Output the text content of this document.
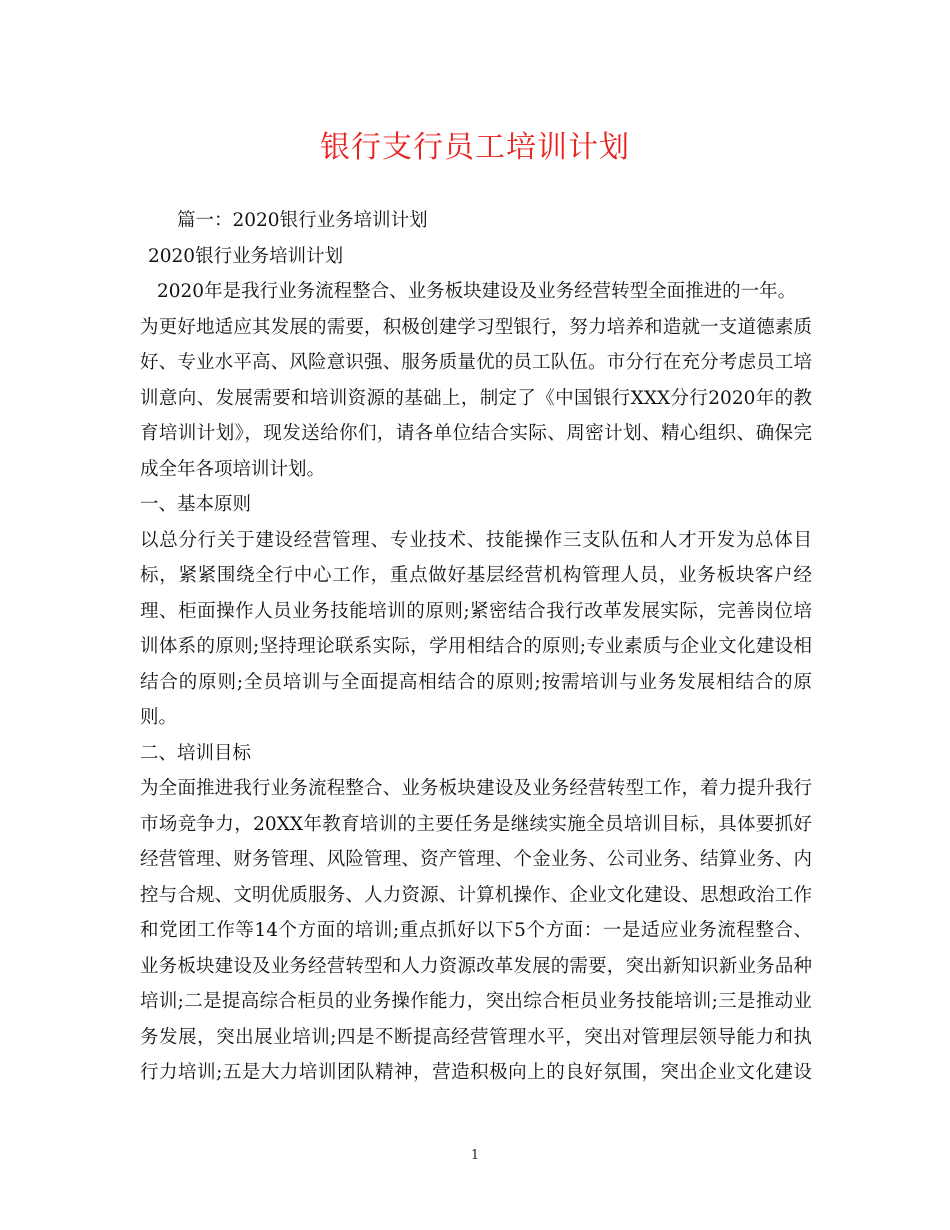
银行支行员工培训计划
篇一：2020银行业务培训计划
2020银行业务培训计划
2020年是我行业务流程整合、业务板块建设及业务经营转型全面推进的一年。
为更好地适应其发展的需要，积极创建学习型银行，努力培养和造就一支道德素质
好、专业水平高、风险意识强、服务质量优的员工队伍。市分行在充分考虑员工培
训意向、发展需要和培训资源的基础上，制定了《中国银行XXX分行2020年的教
育培训计划》，现发送给你们，请各单位结合实际、周密计划、精心组织、确保完
成全年各项培训计划。
一、基本原则
以总分行关于建设经营管理、专业技术、技能操作三支队伍和人才开发为总体目
标，紧紧围绕全行中心工作，重点做好基层经营机构管理人员，业务板块客户经
理、柜面操作人员业务技能培训的原则;紧密结合我行改革发展实际，完善岗位培
训体系的原则;坚持理论联系实际，学用相结合的原则;专业素质与企业文化建设相
结合的原则;全员培训与全面提高相结合的原则;按需培训与业务发展相结合的原
则。
二、培训目标
为全面推进我行业务流程整合、业务板块建设及业务经营转型工作，着力提升我行
市场竞争力，20XX年教育培训的主要任务是继续实施全员培训目标，具体要抓好
经营管理、财务管理、风险管理、资产管理、个金业务、公司业务、结算业务、内
控与合规、文明优质服务、人力资源、计算机操作、企业文化建设、思想政治工作
和党团工作等14个方面的培训;重点抓好以下5个方面：一是适应业务流程整合、
业务板块建设及业务经营转型和人力资源改革发展的需要，突出新知识新业务品种
培训;二是提高综合柜员的业务操作能力，突出综合柜员业务技能培训;三是推动业
务发展，突出展业培训;四是不断提高经营管理水平，突出对管理层领导能力和执
行力培训;五是大力培训团队精神，营造积极向上的良好氛围，突出企业文化建设
1
